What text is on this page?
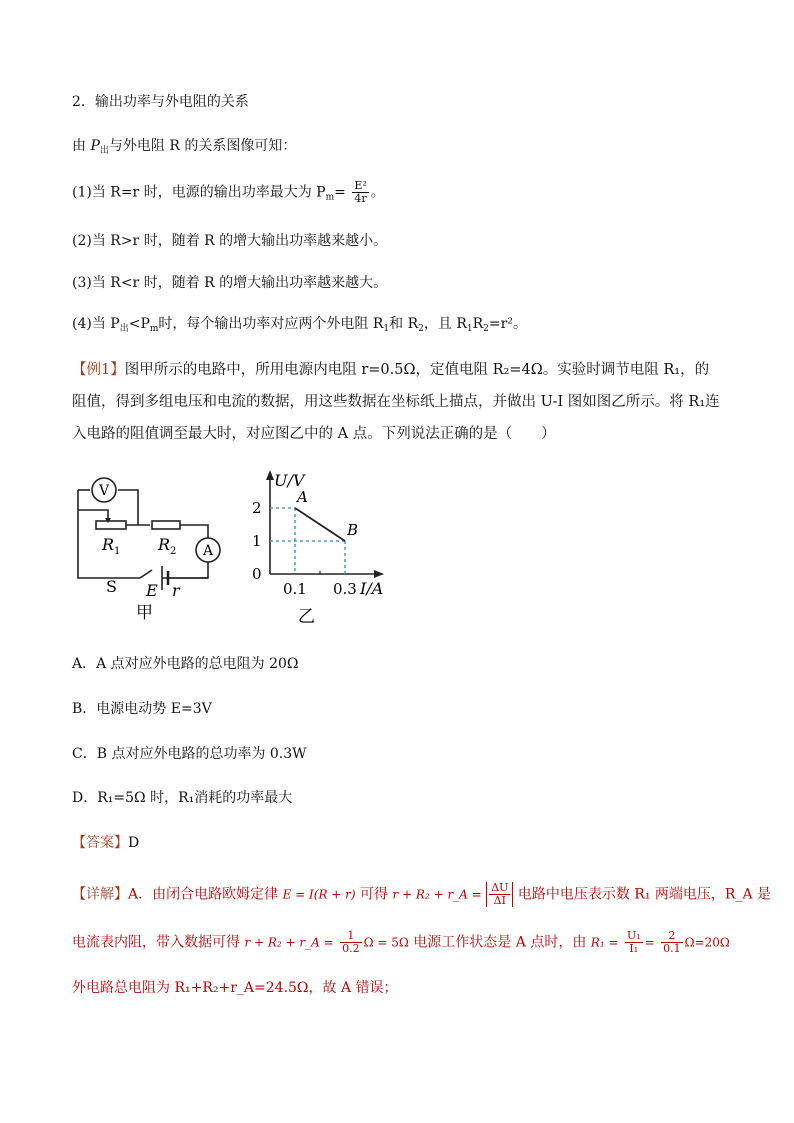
2．输出功率与外电阻的关系
由 $P_出$与外电阻 R 的关系图像可知：
(1)当 R=r 时，电源的输出功率最大为 $P_m= \frac{\text{E²}}{4r}$ 。
(2)当 R>r 时，随着 R 的增大输出功率越来越小。
(3)当 R<r 时，随着 R 的增大输出功率越来越大。
(4)当 $P_出<P_m$时，每个输出功率对应两个外电阻 $R_1$和 $R_2$，且 $R_1R_2=r^2$。
【例1】图甲所示的电路中，所用电源内电阻 r=0.5Ω，定值电阻 R₂=4Ω。实验时调节电阻 R₁，的阻值，得到多组电压和电流的数据，用这些数据在坐标纸上描点，并做出 U-I 图如图乙所示。将 R₁连入电路的阻值调至最大时，对应图乙中的 A 点。下列说法正确的是（　　）
V
A
$R_1$ $R_2$
S E r
甲
A
B
2
1
0.1 0.3
U/V
I/A
0
乙
A．A 点对应外电路的总电阻为 20Ω
B．电源电动势 E=3V
C．B 点对应外电路的总功率为 0.3W
D．R₁=5Ω 时，R₁消耗的功率最大
【答案】D
【详解】A．由闭合电路欧姆定律 E = I(R + r) 可得 r + R₂ + r_A = $\frac{\Delta U}{\Delta I}$ 电路中电压表示数 R₁ 两端电压，R_A 是
电流表内阻，带入数据可得 r + R₂ + r_A = $\frac{1}{0.2}$ Ω = 5Ω 电源工作状态是 A 点时，由 $R_1 = \frac{\text{U₁}}{\text{I₁}} = \frac{2}{0.1} \Omega=20\Omega$
外电路总电阻为 R₁+R₂+r_A=24.5Ω，故 A 错误；
